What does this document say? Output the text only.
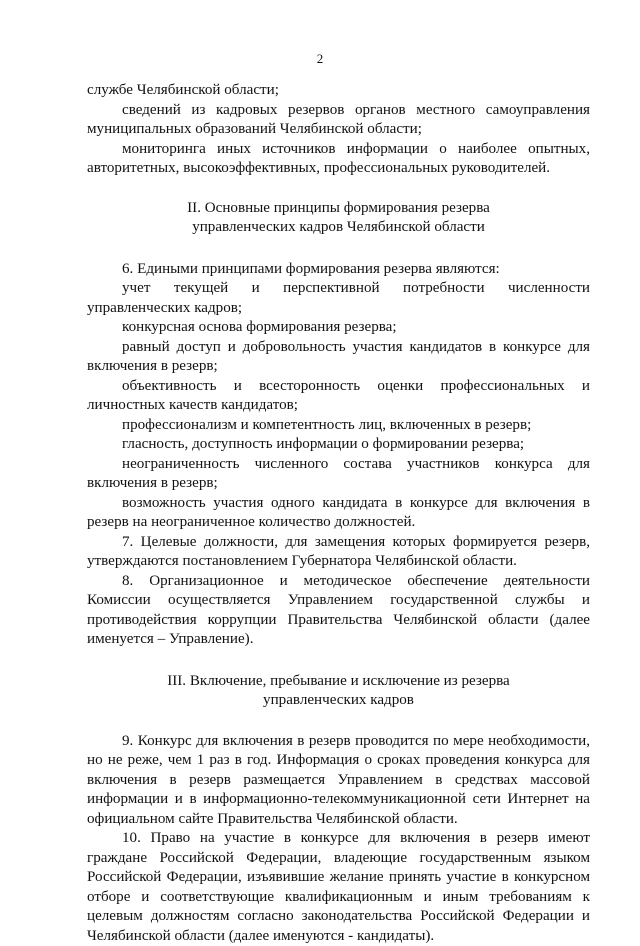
2

службе Челябинской области;

сведений из кадровых резервов органов местного самоуправления муниципальных образований Челябинской области;

мониторинга иных источников информации о наиболее опытных, авторитетных, высокоэффективных, профессиональных руководителей.

II. Основные принципы формирования резерва
управленческих кадров Челябинской области

6. Едиными принципами формирования резерва являются:

учет текущей и перспективной потребности численности управленческих кадров;

конкурсная основа формирования резерва;

равный доступ и добровольность участия кандидатов в конкурсе для включения в резерв;

объективность и всесторонность оценки профессиональных и личностных качеств кандидатов;

профессионализм и компетентность лиц, включенных в резерв;

гласность, доступность информации о формировании резерва;

неограниченность численного состава участников конкурса для включения в резерв;

возможность участия одного кандидата в конкурсе для включения в резерв на неограниченное количество должностей.

7. Целевые должности, для замещения которых формируется резерв, утверждаются постановлением Губернатора Челябинской области.

8. Организационное и методическое обеспечение деятельности Комиссии осуществляется Управлением государственной службы и противодействия коррупции Правительства Челябинской области (далее именуется – Управление).

III. Включение, пребывание и исключение из резерва
управленческих кадров

9. Конкурс для включения в резерв проводится по мере необходимости, но не реже, чем 1 раз в год. Информация о сроках проведения конкурса для включения в резерв размещается Управлением в средствах массовой информации и в информационно-телекоммуникационной сети Интернет на официальном сайте Правительства Челябинской области.

10. Право на участие в конкурсе для включения в резерв имеют граждане Российской Федерации, владеющие государственным языком Российской Федерации, изъявившие желание принять участие в конкурсном отборе и соответствующие квалификационным и иным требованиям к целевым должностям согласно законодательства Российской Федерации и Челябинской области (далее именуются - кандидаты).
